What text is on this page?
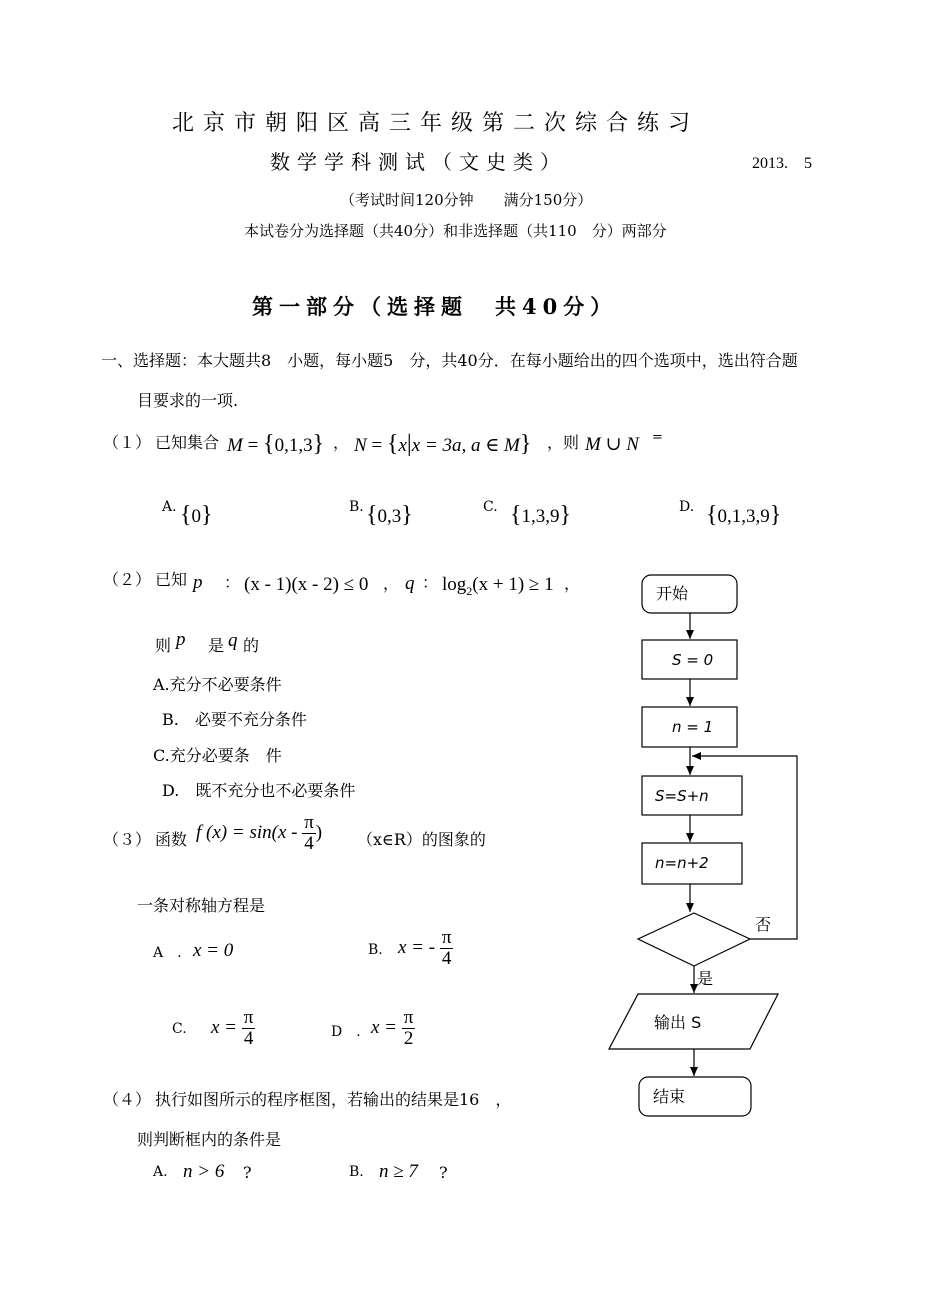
北京市朝阳区高三年级第二次综合练习
数学学科测试（文史类）	2013.　5
（考试时间120分钟　　满分150分）
本试卷分为选择题（共40分）和非选择题（共110　分）两部分
第一部分（选择题　共40分）
一、选择题：本大题共8　小题，每小题5　分，共40分．在每小题给出的四个选项中，选出符合题
目要求的一项.
（１） 已知集合 M = {0,1,3} ， N = {x|x = 3a, a ∈ M} ，则 M ∪ N =
A. {0}	B. {0,3}	C. {1,3,9}	D. {0,1,3,9}
（２） 已知 p ： (x - 1)(x - 2) ≤ 0 ， q ： $\log_2(x + 1) \ge 1$ ，
则 p 是 q 的
A.充分不必要条件
B.　必要不充分条件
C.充分必要条　件
D.　既不充分也不必要条件
（３） 函数 f $(x) = \sin(x - \frac{\pi}{4}$ ) （x∈R）的图象的
一条对称轴方程是
A　. x = 0	B. x = - $\frac{\pi}{4}$
C. $x = \frac{\pi}{4}$	D　. $x = \frac{\pi}{2}$
（４） 执行如图所示的程序框图，若输出的结果是16　，
则判断框内的条件是
A. n > 6 ?	B. n ≥ 7 ?
开始
S = 0
n = 1
S=S+n
n=n+2
否
是
输出 S
结束
